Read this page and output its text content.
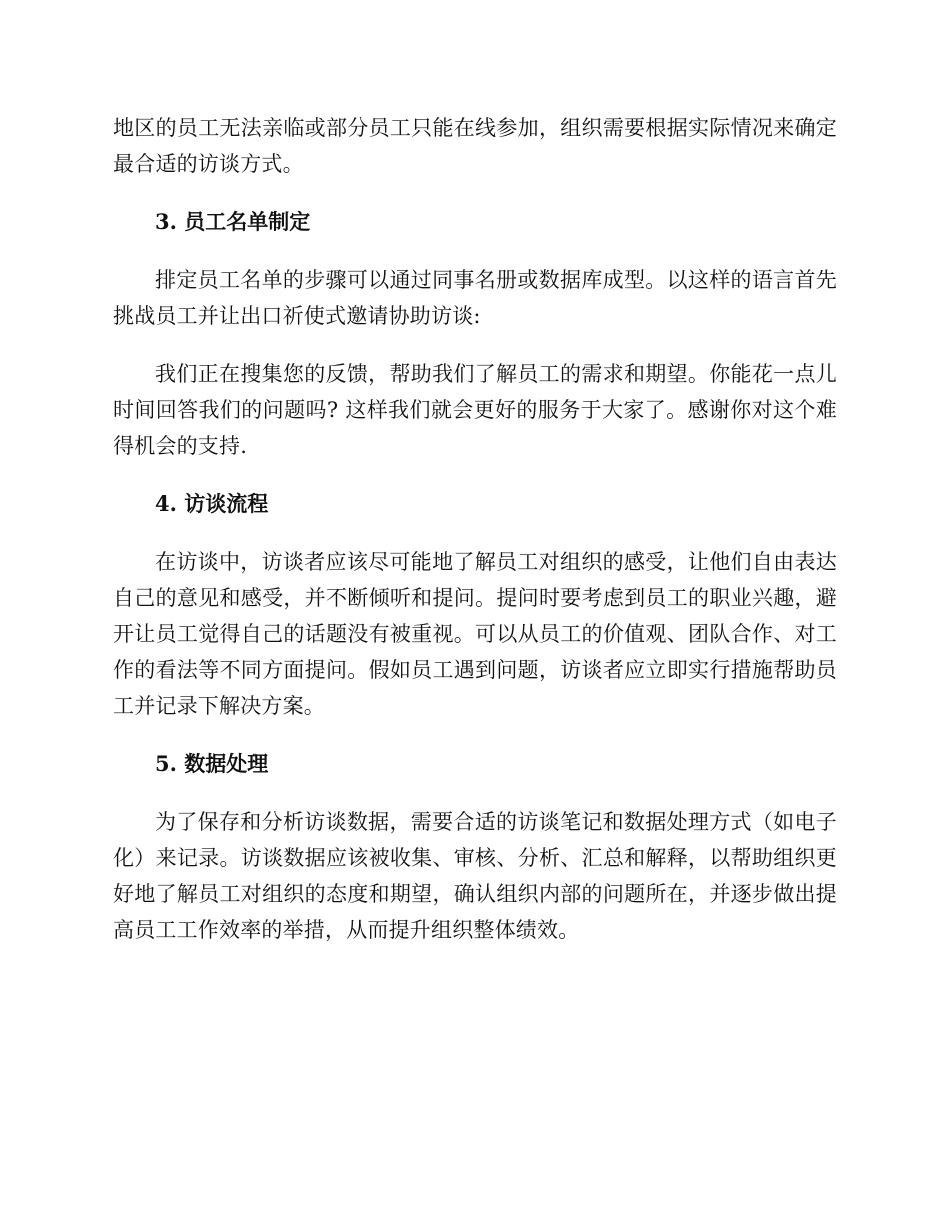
地区的员工无法亲临或部分员工只能在线参加，组织需要根据实际情况来确定最合适的访谈方式。

3. 员工名单制定

排定员工名单的步骤可以通过同事名册或数据库成型。以这样的语言首先挑战员工并让出口祈使式邀请协助访谈:

我们正在搜集您的反馈，帮助我们了解员工的需求和期望。你能花一点儿时间回答我们的问题吗? 这样我们就会更好的服务于大家了。感谢你对这个难得机会的支持.

4. 访谈流程

在访谈中，访谈者应该尽可能地了解员工对组织的感受，让他们自由表达自己的意见和感受，并不断倾听和提问。提问时要考虑到员工的职业兴趣，避开让员工觉得自己的话题没有被重视。可以从员工的价值观、团队合作、对工作的看法等不同方面提问。假如员工遇到问题，访谈者应立即实行措施帮助员工并记录下解决方案。

5. 数据处理

为了保存和分析访谈数据，需要合适的访谈笔记和数据处理方式（如电子化）来记录。访谈数据应该被收集、审核、分析、汇总和解释，以帮助组织更好地了解员工对组织的态度和期望，确认组织内部的问题所在，并逐步做出提高员工工作效率的举措，从而提升组织整体绩效。
